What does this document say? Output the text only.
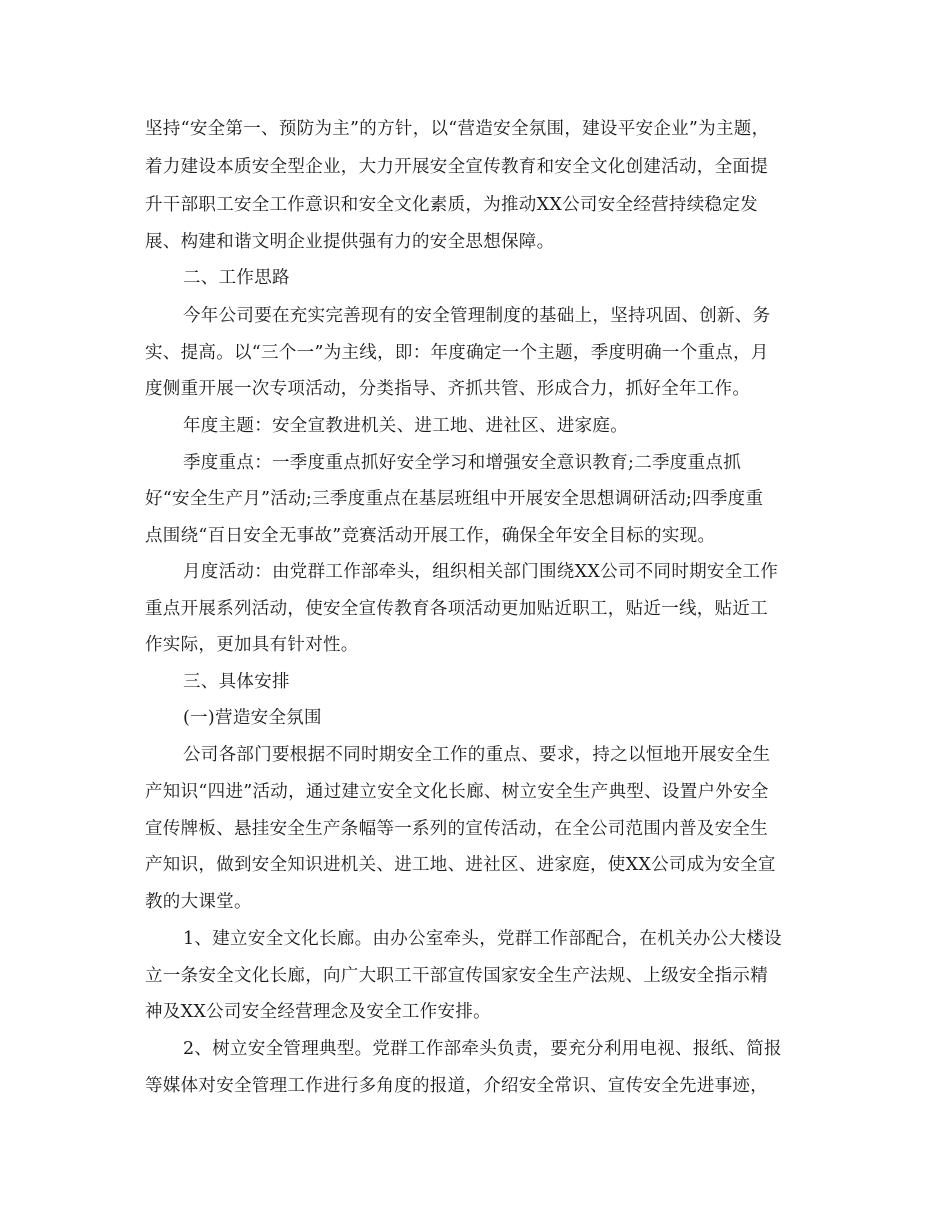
坚持“安全第一、预防为主”的方针，以“营造安全氛围，建设平安企业”为主题，
着力建设本质安全型企业，大力开展安全宣传教育和安全文化创建活动，全面提
升干部职工安全工作意识和安全文化素质，为推动XX公司安全经营持续稳定发
展、构建和谐文明企业提供强有力的安全思想保障。
二、工作思路
今年公司要在充实完善现有的安全管理制度的基础上，坚持巩固、创新、务
实、提高。以“三个一”为主线，即：年度确定一个主题，季度明确一个重点，月
度侧重开展一次专项活动，分类指导、齐抓共管、形成合力，抓好全年工作。
年度主题：安全宣教进机关、进工地、进社区、进家庭。
季度重点：一季度重点抓好安全学习和增强安全意识教育;二季度重点抓
好“安全生产月”活动;三季度重点在基层班组中开展安全思想调研活动;四季度重
点围绕“百日安全无事故”竞赛活动开展工作，确保全年安全目标的实现。
月度活动：由党群工作部牵头，组织相关部门围绕XX公司不同时期安全工作
重点开展系列活动，使安全宣传教育各项活动更加贴近职工，贴近一线，贴近工
作实际，更加具有针对性。
三、具体安排
(一)营造安全氛围
公司各部门要根据不同时期安全工作的重点、要求，持之以恒地开展安全生
产知识“四进”活动，通过建立安全文化长廊、树立安全生产典型、设置户外安全
宣传牌板、悬挂安全生产条幅等一系列的宣传活动，在全公司范围内普及安全生
产知识，做到安全知识进机关、进工地、进社区、进家庭，使XX公司成为安全宣
教的大课堂。
1、建立安全文化长廊。由办公室牵头，党群工作部配合，在机关办公大楼设
立一条安全文化长廊，向广大职工干部宣传国家安全生产法规、上级安全指示精
神及XX公司安全经营理念及安全工作安排。
2、树立安全管理典型。党群工作部牵头负责，要充分利用电视、报纸、简报
等媒体对安全管理工作进行多角度的报道，介绍安全常识、宣传安全先进事迹，
